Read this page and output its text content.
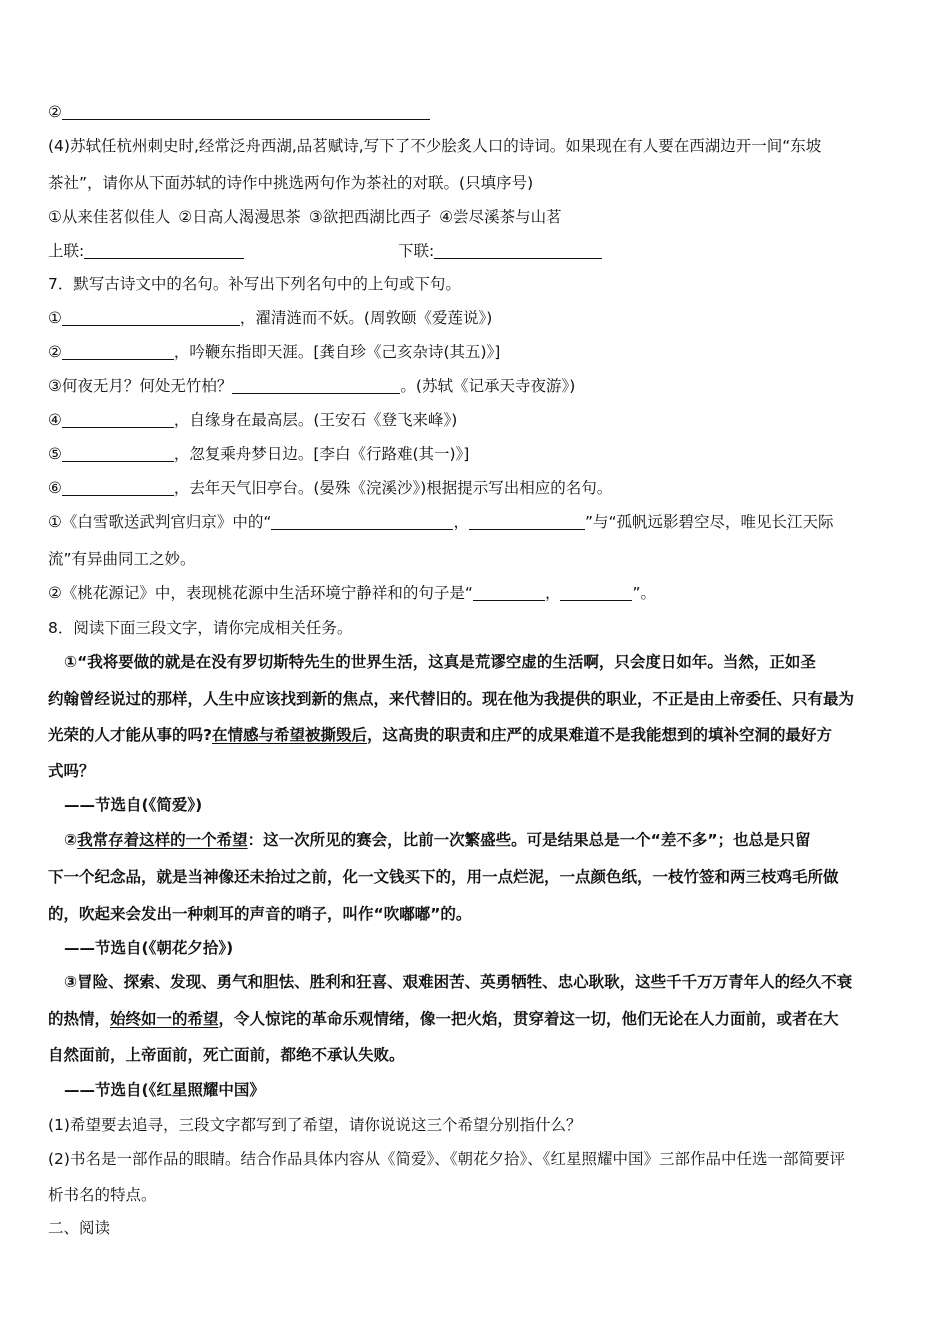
②
(4)苏轼任杭州刺史时,经常泛舟西湖,品茗赋诗,写下了不少脍炙人口的诗词。如果现在有人要在西湖边开一间“东坡
茶社”，请你从下面苏轼的诗作中挑选两句作为茶社的对联。(只填序号)
①从来佳茗似佳人 ②日高人渴漫思茶 ③欲把西湖比西子 ④尝尽溪茶与山茗
上联:	下联:
7．默写古诗文中的名句。补写出下列名句中的上句或下句。
①	，濯清涟而不妖。(周敦颐《爱莲说》)
②	，吟鞭东指即天涯。[龚自珍《己亥杂诗(其五)》]
③何夜无月？何处无竹柏？	。(苏轼《记承天寺夜游》)
④	，自缘身在最高层。(王安石《登飞来峰》)
⑤	，忽复乘舟梦日边。[李白《行路难(其一)》]
⑥	，去年天气旧亭台。(晏殊《浣溪沙》)根据提示写出相应的名句。
①《白雪歌送武判官归京》中的“	，	”与“孤帆远影碧空尽，唯见长江天际
流”有异曲同工之妙。
②《桃花源记》中，表现桃花源中生活环境宁静祥和的句子是“	，	”。
8．阅读下面三段文字，请你完成相关任务。
①“我将要做的就是在没有罗切斯特先生的世界生活，这真是荒谬空虚的生活啊，只会度日如年。当然，正如圣
约翰曾经说过的那样，人生中应该找到新的焦点，来代替旧的。现在他为我提供的职业，不正是由上帝委任、只有最为
光荣的人才能从事的吗?在情感与希望被撕毁后，这高贵的职责和庄严的成果难道不是我能想到的填补空洞的最好方
式吗？
——节选自(《简爱》)
②我常存着这样的一个希望：这一次所见的赛会，比前一次繁盛些。可是结果总是一个“差不多”；也总是只留
下一个纪念品，就是当神像还未抬过之前，化一文钱买下的，用一点烂泥，一点颜色纸，一枝竹签和两三枝鸡毛所做
的，吹起来会发出一种刺耳的声音的哨子，叫作“吹嘟嘟”的。
——节选自(《朝花夕拾》)
③冒险、探索、发现、勇气和胆怯、胜利和狂喜、艰难困苦、英勇牺牲、忠心耿耿，这些千千万万青年人的经久不衰
的热情，始终如一的希望，令人惊诧的革命乐观情绪，像一把火焰，贯穿着这一切，他们无论在人力面前，或者在大
自然面前，上帝面前，死亡面前，都绝不承认失败。
——节选自(《红星照耀中国》
(1)希望要去追寻，三段文字都写到了希望，请你说说这三个希望分别指什么？
(2)书名是一部作品的眼睛。结合作品具体内容从《简爱》、《朝花夕拾》、《红星照耀中国》三部作品中任选一部简要评
析书名的特点。
二、阅读
